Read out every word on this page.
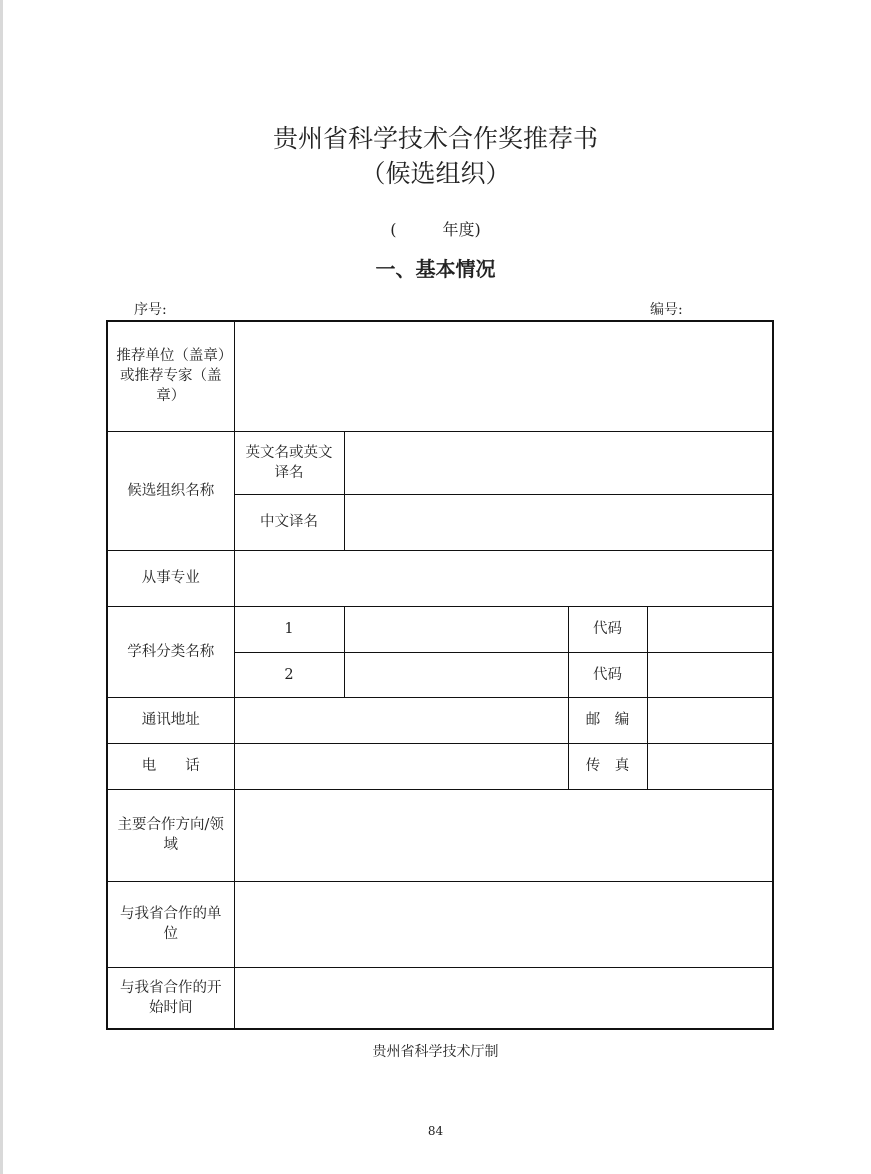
贵州省科学技术合作奖推荐书
（候选组织）
(	年度)
一、基本情况
序号:	编号:
推荐单位（盖章）或推荐专家（盖章）				
候选组织名称	英文名或英文译名			
	中文译名			
从事专业				
学科分类名称	1		代码	
	2		代码	
通讯地址			邮　编	
电　　话			传　真	
主要合作方向/领域				
与我省合作的单位				
与我省合作的开始时间				
贵州省科学技术厅制
84
